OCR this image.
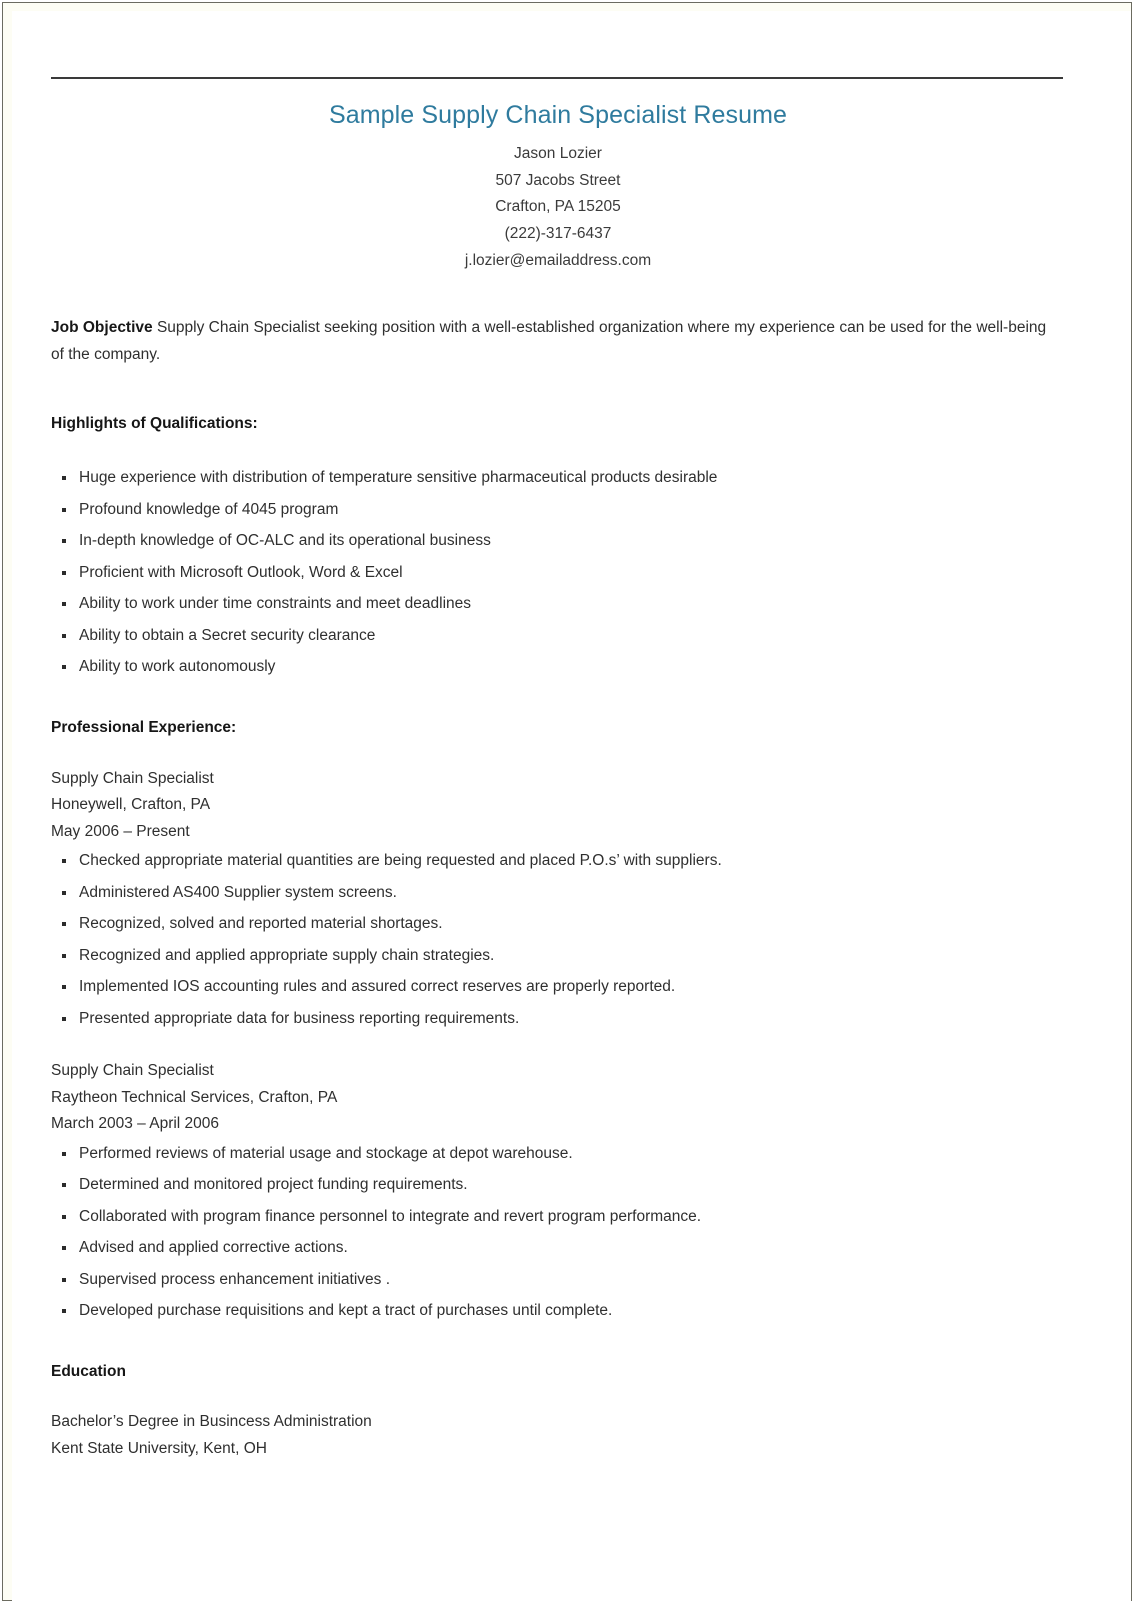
Sample Supply Chain Specialist Resume
Jason Lozier
507 Jacobs Street
Crafton, PA 15205
(222)-317-6437
j.lozier@emailaddress.com

Job Objective Supply Chain Specialist seeking position with a well-established organization where my experience can be used for the well-being of the company.

Highlights of Qualifications:
Huge experience with distribution of temperature sensitive pharmaceutical products desirable
Profound knowledge of 4045 program
In-depth knowledge of OC-ALC and its operational business
Proficient with Microsoft Outlook, Word & Excel
Ability to work under time constraints and meet deadlines
Ability to obtain a Secret security clearance
Ability to work autonomously
Professional Experience:
Supply Chain Specialist
Honeywell, Crafton, PA
May 2006 – Present
Checked appropriate material quantities are being requested and placed P.O.s’ with suppliers.
Administered AS400 Supplier system screens.
Recognized, solved and reported material shortages.
Recognized and applied appropriate supply chain strategies.
Implemented IOS accounting rules and assured correct reserves are properly reported.
Presented appropriate data for business reporting requirements.
Supply Chain Specialist
Raytheon Technical Services, Crafton, PA
March 2003 – April 2006
Performed reviews of material usage and stockage at depot warehouse.
Determined and monitored project funding requirements.
Collaborated with program finance personnel to integrate and revert program performance.
Advised and applied corrective actions.
Supervised process enhancement initiatives .
Developed purchase requisitions and kept a tract of purchases until complete.
Education
Bachelor’s Degree in Busincess Administration
Kent State University, Kent, OH
